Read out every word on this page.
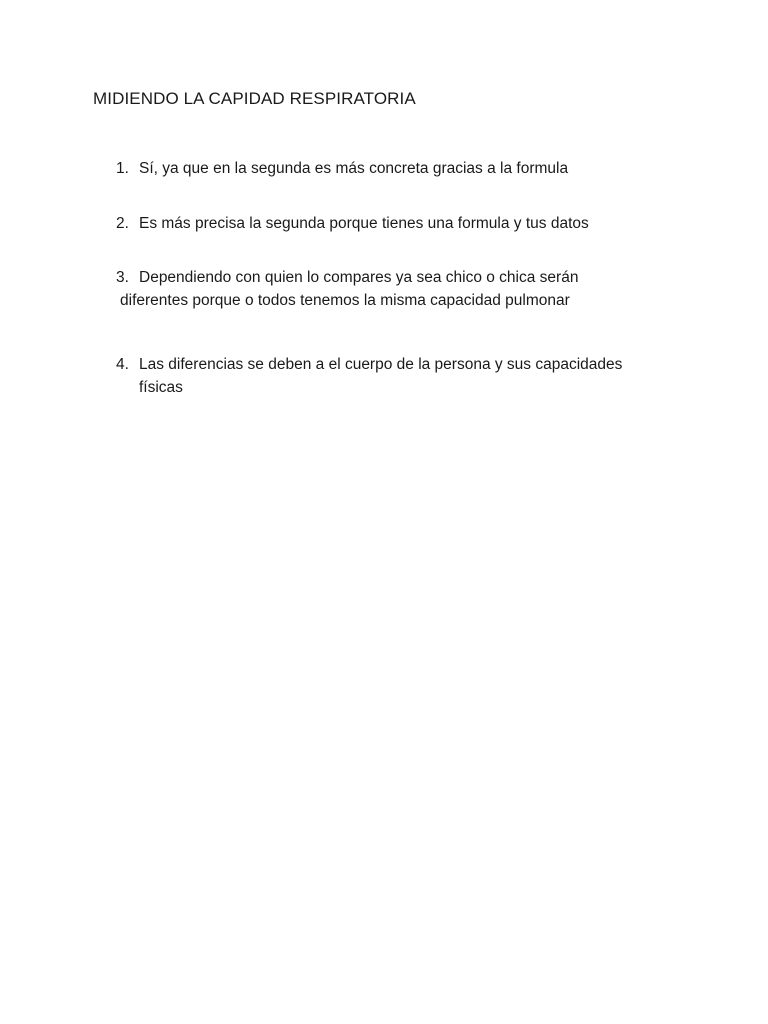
MIDIENDO LA CAPIDAD RESPIRATORIA
1. Sí, ya que en la segunda es más concreta gracias a la formula
2. Es más precisa la segunda porque tienes una formula y tus datos
3. Dependiendo con quien lo compares ya sea chico o chica serán
diferentes porque o todos tenemos la misma capacidad pulmonar
4. Las diferencias se deben a el cuerpo de la persona y sus capacidades
físicas
